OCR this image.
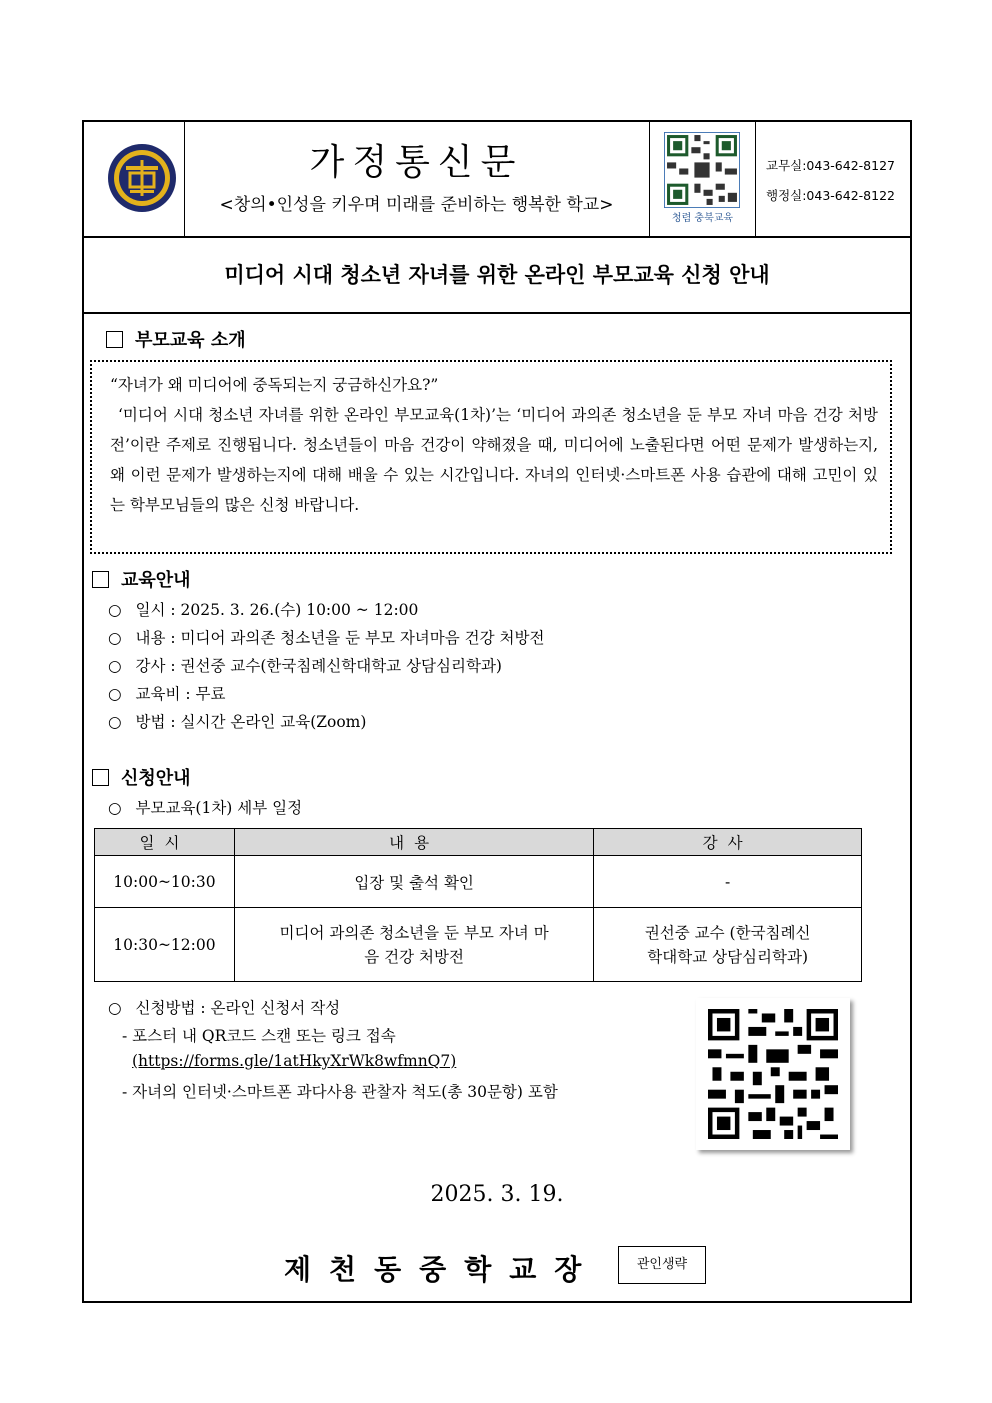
가정통신문
<창의•인성을 키우며 미래를 준비하는 행복한 학교>
청렴 충북교육
교무실:043-642-8127
행정실:043-642-8122
미디어 시대 청소년 자녀를 위한 온라인 부모교육 신청 안내
부모교육 소개

“자녀가 왜 미디어에 중독되는지 궁금하신가요?”

‘미디어 시대 청소년 자녀를 위한 온라인 부모교육(1차)’는 ‘미디어 과의존 청소년을 둔 부모 자녀 마음 건강 처방전’이란 주제로 진행됩니다. 청소년들이 마음 건강이 약해졌을 때, 미디어에 노출된다면 어떤 문제가 발생하는지, 왜 이런 문제가 발생하는지에 대해 배울 수 있는 시간입니다. 자녀의 인터넷·스마트폰 사용 습관에 대해 고민이 있는 학부모님들의 많은 신청 바랍니다.

교육안내
○ 일시 : 2025. 3. 26.(수) 10:00 ~ 12:00
○ 내용 : 미디어 과의존 청소년을 둔 부모 자녀마음 건강 처방전
○ 강사 : 권선중 교수(한국침례신학대학교 상담심리학과)
○ 교육비 : 무료
○ 방법 : 실시간 온라인 교육(Zoom)
신청안내
○ 부모교육(1차) 세부 일정
일시	내용	강사
10:00~10:30	입장 및 출석 확인	-
10:30~12:00	미디어 과의존 청소년을 둔 부모 자녀 마음 건강 처방전	권선중 교수 (한국침례신학대학교 상담심리학과)
○ 신청방법 : 온라인 신청서 작성
- 포스터 내 QR코드 스캔 또는 링크 접속
(https://forms.gle/1atHkyXrWk8wfmnQ7)
- 자녀의 인터넷·스마트폰 과다사용 관찰자 척도(총 30문항) 포함
2025. 3. 19.
제천동중학교장	관인생략
